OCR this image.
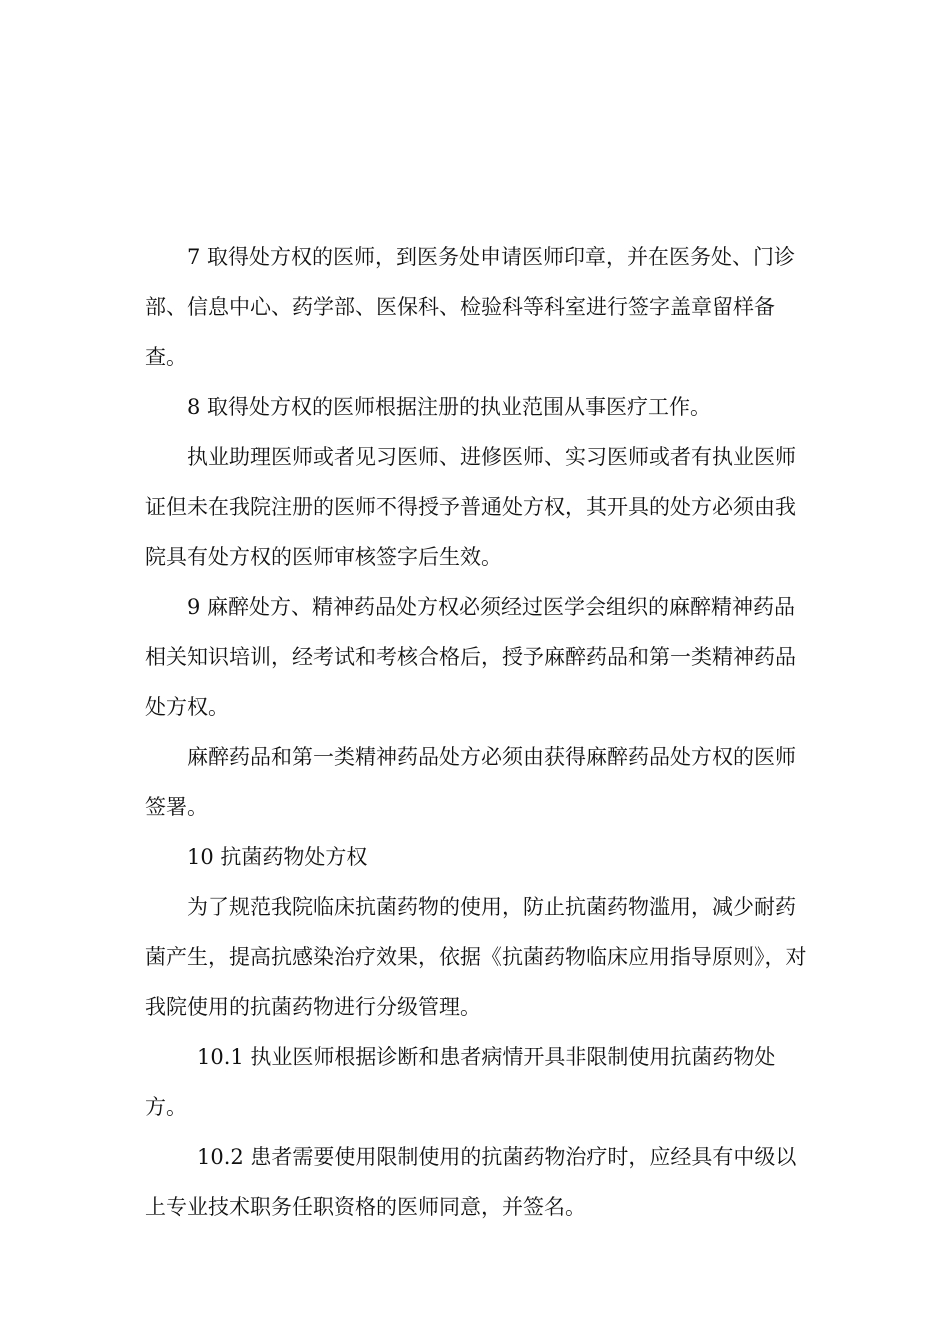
7 取得处方权的医师，到医务处申请医师印章，并在医务处、门诊部、信息中心、药学部、医保科、检验科等科室进行签字盖章留样备查。

8 取得处方权的医师根据注册的执业范围从事医疗工作。

执业助理医师或者见习医师、进修医师、实习医师或者有执业医师证但未在我院注册的医师不得授予普通处方权，其开具的处方必须由我院具有处方权的医师审核签字后生效。

9 麻醉处方、精神药品处方权必须经过医学会组织的麻醉精神药品相关知识培训，经考试和考核合格后，授予麻醉药品和第一类精神药品处方权。

麻醉药品和第一类精神药品处方必须由获得麻醉药品处方权的医师签署。

10 抗菌药物处方权

为了规范我院临床抗菌药物的使用，防止抗菌药物滥用，减少耐药菌产生，提高抗感染治疗效果，依据《抗菌药物临床应用指导原则》，对我院使用的抗菌药物进行分级管理。

10.1 执业医师根据诊断和患者病情开具非限制使用抗菌药物处方。

10.2 患者需要使用限制使用的抗菌药物治疗时，应经具有中级以上专业技术职务任职资格的医师同意，并签名。
